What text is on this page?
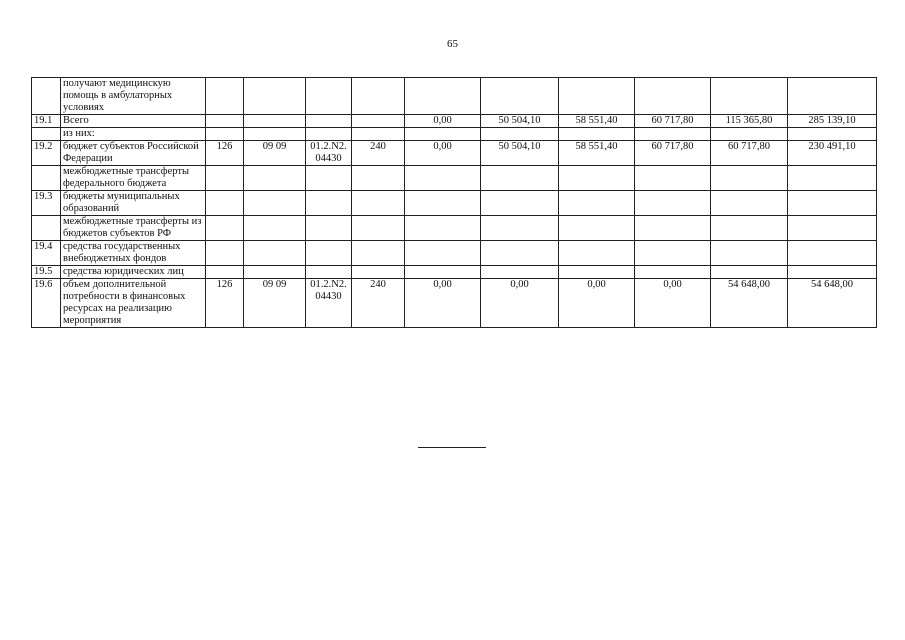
65
	получают медицинскую помощь в амбулаторных условиях										
19.1	Всего					0,00	50 504,10	58 551,40	60 717,80	115 365,80	285 139,10
	из них:										
19.2	бюджет субъектов Российской Федерации	126	09 09	01.2.N2. 04430	240	0,00	50 504,10	58 551,40	60 717,80	60 717,80	230 491,10
	межбюджетные трансферты федерального бюджета										
19.3	бюджеты муниципальных образований										
	межбюджетные трансферты из бюджетов субъектов РФ										
19.4	средства государственных внебюджетных фондов										
19.5	средства юридических лиц										
19.6	объем дополнительной потребности в финансовых ресурсах на реализацию мероприятия	126	09 09	01.2.N2. 04430	240	0,00	0,00	0,00	0,00	54 648,00	54 648,00
